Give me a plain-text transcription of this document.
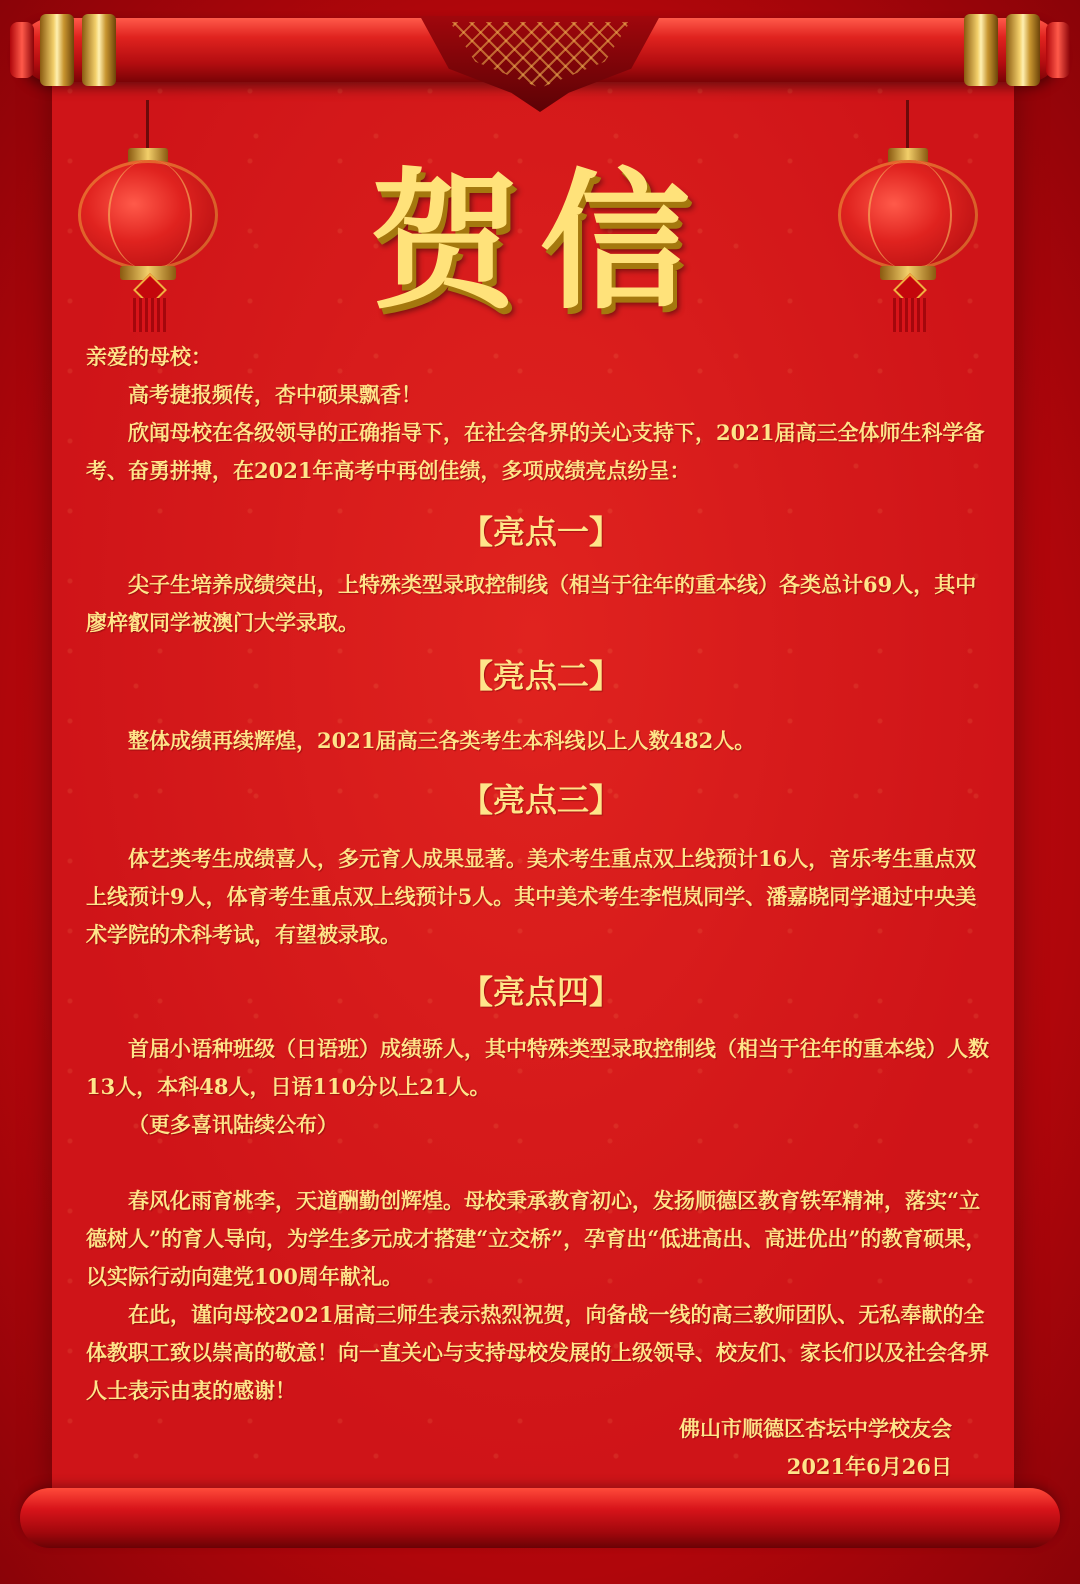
贺信

亲爱的母校：

高考捷报频传，杏中硕果飘香！

欣闻母校在各级领导的正确指导下，在社会各界的关心支持下，2021届高三全体师生科学备考、奋勇拼搏，在2021年高考中再创佳绩，多项成绩亮点纷呈：

【亮点一】

尖子生培养成绩突出，上特殊类型录取控制线（相当于往年的重本线）各类总计69人，其中廖梓叡同学被澳门大学录取。

【亮点二】

整体成绩再续辉煌，2021届高三各类考生本科线以上人数482人。

【亮点三】

体艺类考生成绩喜人，多元育人成果显著。美术考生重点双上线预计16人，音乐考生重点双上线预计9人，体育考生重点双上线预计5人。其中美术考生李恺岚同学、潘嘉晓同学通过中央美术学院的术科考试，有望被录取。

【亮点四】

首届小语种班级（日语班）成绩骄人，其中特殊类型录取控制线（相当于往年的重本线）人数13人，本科48人，日语110分以上21人。

（更多喜讯陆续公布）

春风化雨育桃李，天道酬勤创辉煌。母校秉承教育初心，发扬顺德区教育铁军精神，落实“立德树人”的育人导向，为学生多元成才搭建“立交桥”，孕育出“低进高出、高进优出”的教育硕果，以实际行动向建党100周年献礼。

在此，谨向母校2021届高三师生表示热烈祝贺，向备战一线的高三教师团队、无私奉献的全体教职工致以崇高的敬意！向一直关心与支持母校发展的上级领导、校友们、家长们以及社会各界人士表示由衷的感谢！

佛山市顺德区杏坛中学校友会

2021年6月26日
